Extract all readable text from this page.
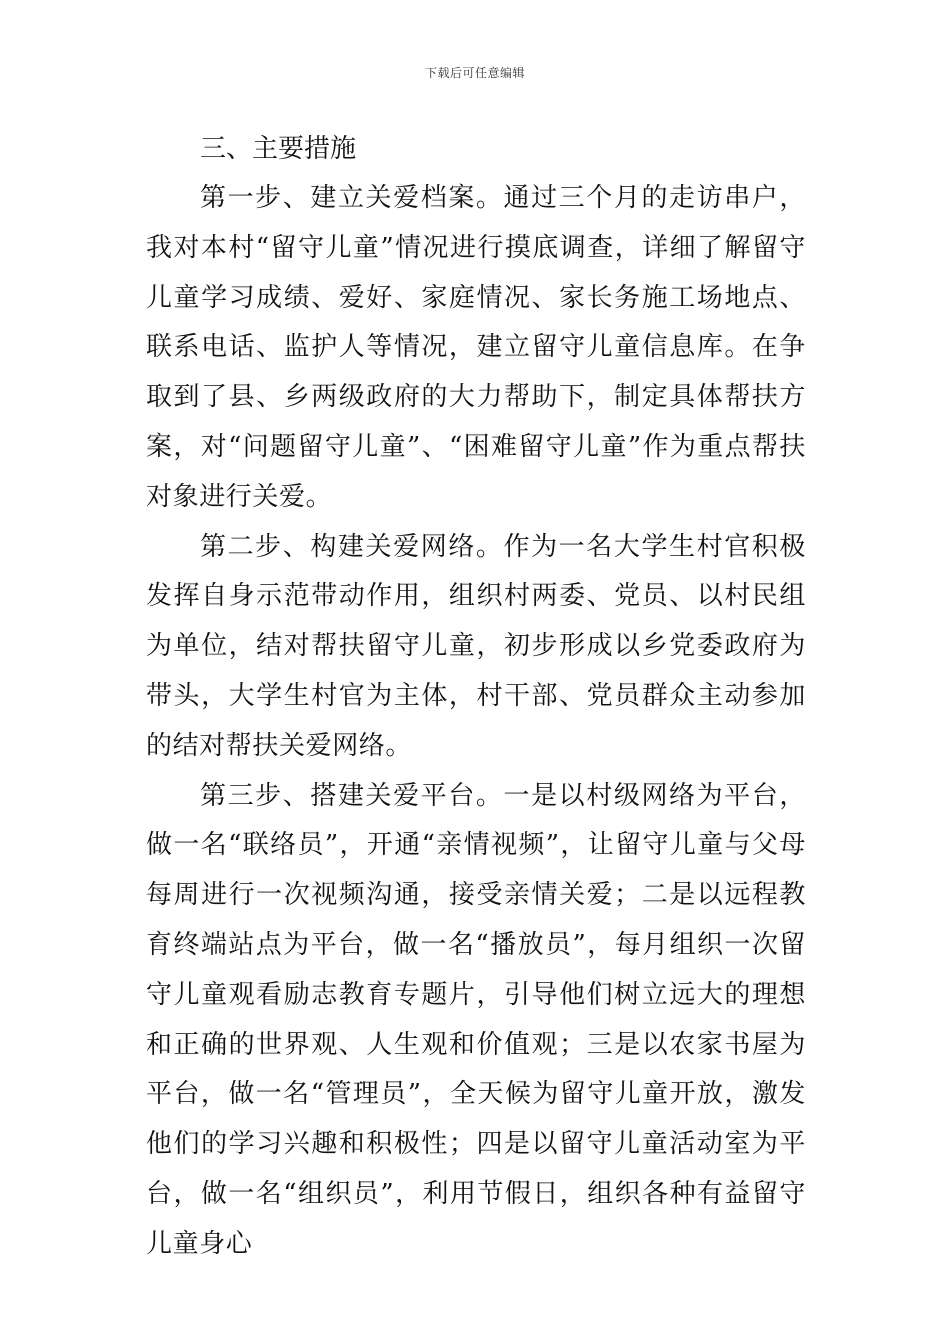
下载后可任意编辑
三、主要措施

第一步、建立关爱档案。通过三个月的走访串户，我对本村“留守儿童”情况进行摸底调查，详细了解留守儿童学习成绩、爱好、家庭情况、家长务施工场地点、联系电话、监护人等情况，建立留守儿童信息库。在争取到了县、乡两级政府的大力帮助下，制定具体帮扶方案，对“问题留守儿童”、“困难留守儿童”作为重点帮扶对象进行关爱。

第二步、构建关爱网络。作为一名大学生村官积极发挥自身示范带动作用，组织村两委、党员、以村民组为单位，结对帮扶留守儿童，初步形成以乡党委政府为带头，大学生村官为主体，村干部、党员群众主动参加的结对帮扶关爱网络。

第三步、搭建关爱平台。一是以村级网络为平台，做一名“联络员”，开通“亲情视频”，让留守儿童与父母每周进行一次视频沟通，接受亲情关爱；二是以远程教育终端站点为平台，做一名“播放员”，每月组织一次留守儿童观看励志教育专题片，引导他们树立远大的理想和正确的世界观、人生观和价值观；三是以农家书屋为平台，做一名“管理员”，全天候为留守儿童开放，激发他们的学习兴趣和积极性；四是以留守儿童活动室为平台，做一名“组织员”，利用节假日，组织各种有益留守儿童身心
